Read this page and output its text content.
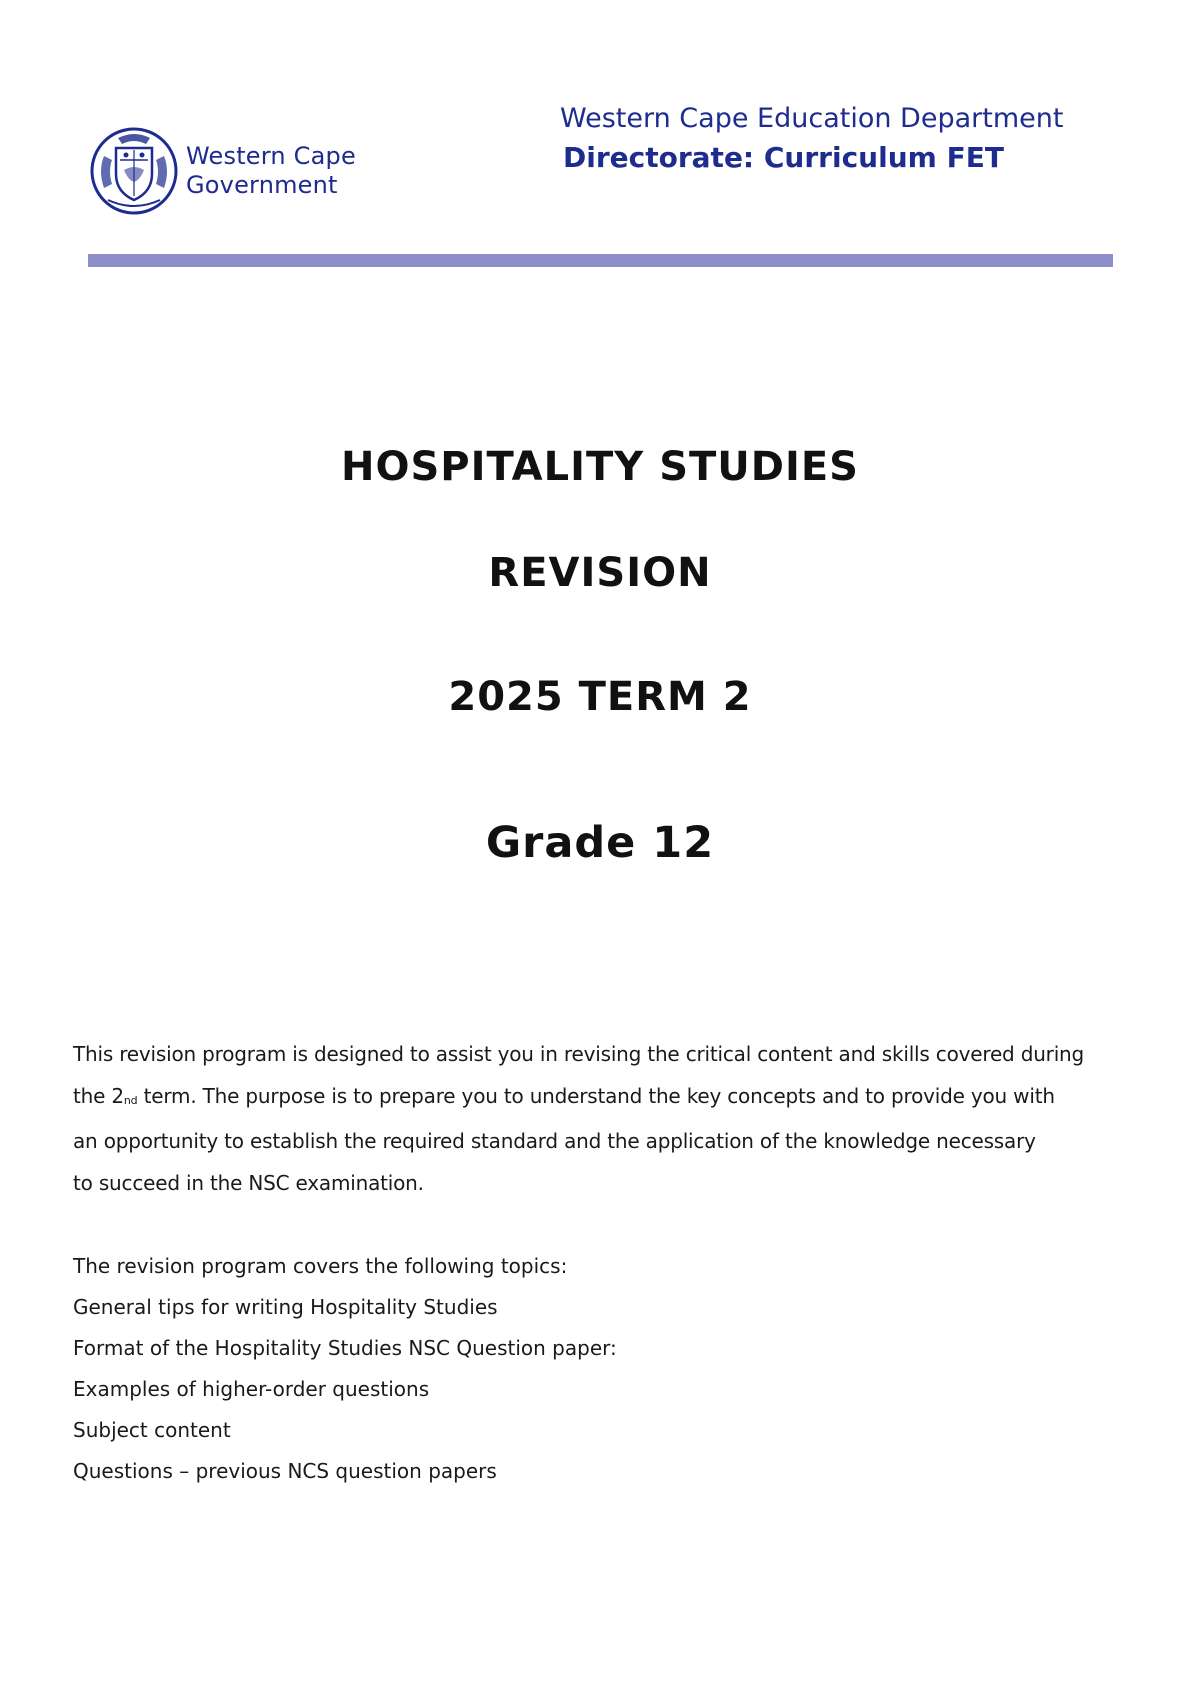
Western Cape
Government
Western Cape Education Department
Directorate: Curriculum FET
HOSPITALITY STUDIES
REVISION
2025 TERM 2
Grade 12

This revision program is designed to assist you in revising the critical content and skills covered during
the $2_{nd}$ term. The purpose is to prepare you to understand the key concepts and to provide you with
an opportunity to establish the required standard and the application of the knowledge necessary
to succeed in the NSC examination.

The revision program covers the following topics:
General tips for writing Hospitality Studies
Format of the Hospitality Studies NSC Question paper:
Examples of higher-order questions
Subject content
Questions – previous NCS question papers
